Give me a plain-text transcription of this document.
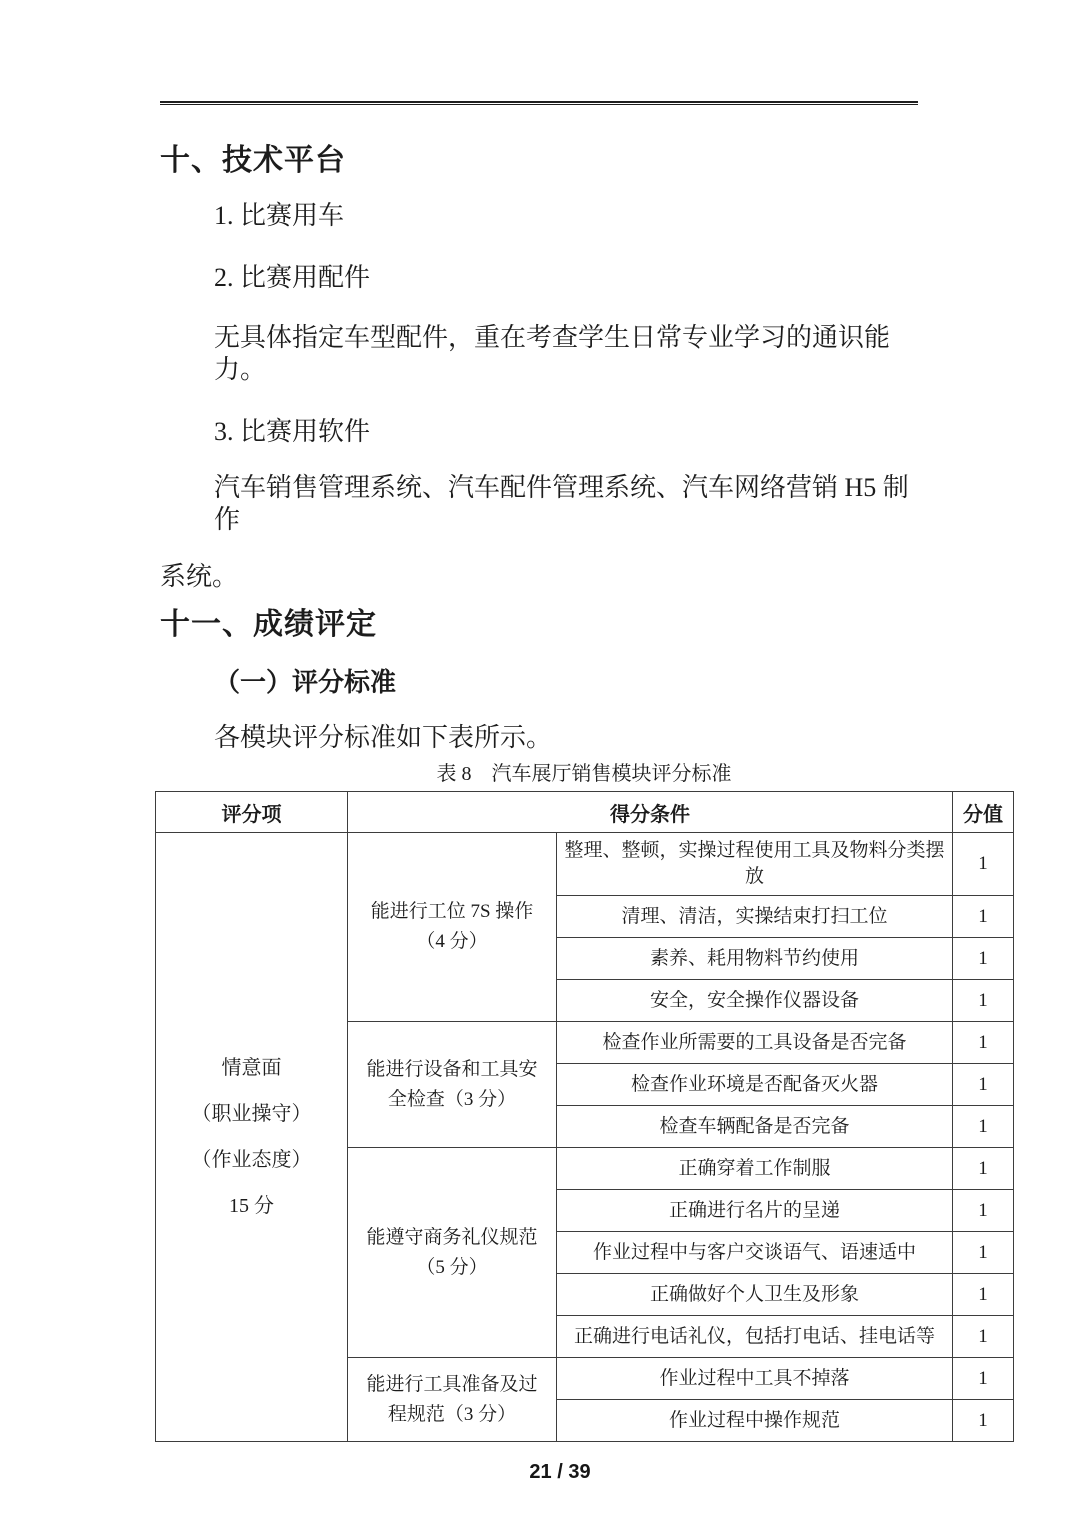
十、技术平台
1. 比赛用车
2. 比赛用配件
无具体指定车型配件，重在考查学生日常专业学习的通识能力。
3. 比赛用软件
汽车销售管理系统、汽车配件管理系统、汽车网络营销 H5 制作
系统。
十一、成绩评定
（一）评分标准
各模块评分标准如下表所示。
表 8　汽车展厅销售模块评分标准
评分项	得分条件		分值

情意面
（职业操守）
（作业态度）
15 分	能进行工位 7S 操作（4 分）	整理、整顿，实操过程使用工具及物料分类摆放	1
		清理、清洁，实操结束打扫工位	1
		素养、耗用物料节约使用	1
		安全，安全操作仪器设备	1
	能进行设备和工具安全检查（3 分）	检查作业所需要的工具设备是否完备	1
		检查作业环境是否配备灭火器	1
		检查车辆配备是否完备	1
	能遵守商务礼仪规范（5 分）	正确穿着工作制服	1
		正确进行名片的呈递	1
		作业过程中与客户交谈语气、语速适中	1
		正确做好个人卫生及形象	1
		正确进行电话礼仪，包括打电话、挂电话等	1
	能进行工具准备及过程规范（3 分）	作业过程中工具不掉落	1
		作业过程中操作规范	1
21 / 39
